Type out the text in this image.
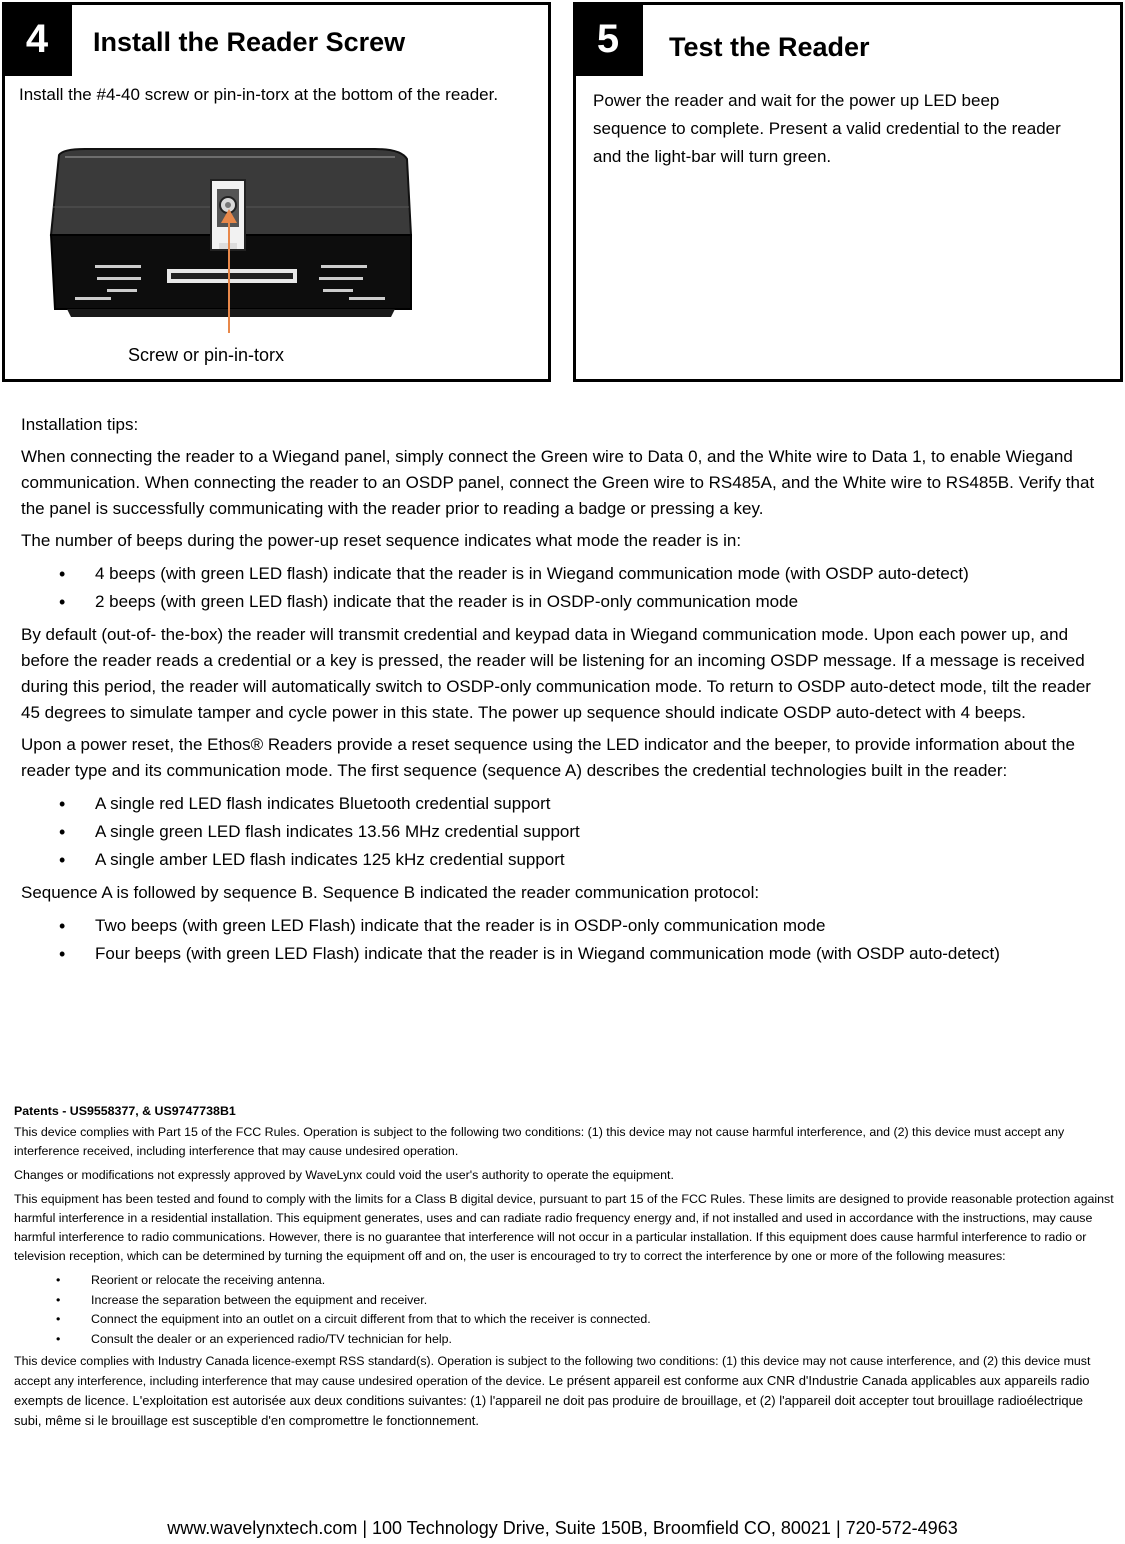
4	Install the Reader Screw
Install the #4-40 screw or pin-in-torx at the bottom of the reader.
Screw or pin-in-torx
5	Test the Reader
Power the reader and wait for the power up LED beep sequence to complete. Present a valid credential to the reader and the light-bar will turn green.

Installation tips:

When connecting the reader to a Wiegand panel, simply connect the Green wire to Data 0, and the White wire to Data 1, to enable Wiegand communication. When connecting the reader to an OSDP panel, connect the Green wire to RS485A, and the White wire to RS485B. Verify that the panel is successfully communicating with the reader prior to reading a badge or pressing a key.

The number of beeps during the power-up reset sequence indicates what mode the reader is in:

• 4 beeps (with green LED flash) indicate that the reader is in Wiegand communication mode (with OSDP auto-detect)
• 2 beeps (with green LED flash) indicate that the reader is in OSDP-only communication mode

By default (out-of- the-box) the reader will transmit credential and keypad data in Wiegand communication mode. Upon each power up, and before the reader reads a credential or a key is pressed, the reader will be listening for an incoming OSDP message. If a message is received during this period, the reader will automatically switch to OSDP-only communication mode. To return to OSDP auto-detect mode, tilt the reader 45 degrees to simulate tamper and cycle power in this state. The power up sequence should indicate OSDP auto-detect with 4 beeps.

Upon a power reset, the Ethos® Readers provide a reset sequence using the LED indicator and the beeper, to provide information about the reader type and its communication mode. The first sequence (sequence A) describes the credential technologies built in the reader:

• A single red LED flash indicates Bluetooth credential support
• A single green LED flash indicates 13.56 MHz credential support
• A single amber LED flash indicates 125 kHz credential support

Sequence A is followed by sequence B. Sequence B indicated the reader communication protocol:

• Two beeps (with green LED Flash) indicate that the reader is in OSDP-only communication mode
• Four beeps (with green LED Flash) indicate that the reader is in Wiegand communication mode (with OSDP auto-detect)

Patents - US9558377, & US9747738B1

This device complies with Part 15 of the FCC Rules. Operation is subject to the following two conditions: (1) this device may not cause harmful interference, and (2) this device must accept any interference received, including interference that may cause undesired operation.

Changes or modifications not expressly approved by WaveLynx could void the user's authority to operate the equipment.

This equipment has been tested and found to comply with the limits for a Class B digital device, pursuant to part 15 of the FCC Rules. These limits are designed to provide reasonable protection against harmful interference in a residential installation. This equipment generates, uses and can radiate radio frequency energy and, if not installed and used in accordance with the instructions, may cause harmful interference to radio communications. However, there is no guarantee that interference will not occur in a particular installation. If this equipment does cause harmful interference to radio or television reception, which can be determined by turning the equipment off and on, the user is encouraged to try to correct the interference by one or more of the following measures:

• Reorient or relocate the receiving antenna.
• Increase the separation between the equipment and receiver.
• Connect the equipment into an outlet on a circuit different from that to which the receiver is connected.
• Consult the dealer or an experienced radio/TV technician for help.

This device complies with Industry Canada licence-exempt RSS standard(s). Operation is subject to the following two conditions: (1) this device may not cause interference, and (2) this device must accept any interference, including interference that may cause undesired operation of the device. Le présent appareil est conforme aux CNR d'Industrie Canada applicables aux appareils radio exempts de licence. L'exploitation est autorisée aux deux conditions suivantes: (1) l'appareil ne doit pas produire de brouillage, et (2) l'appareil doit accepter tout brouillage radioélectrique subi, même si le brouillage est susceptible d'en compromettre le fonctionnement.

www.wavelynxtech.com | 100 Technology Drive, Suite 150B, Broomfield CO, 80021 | 720-572-4963
